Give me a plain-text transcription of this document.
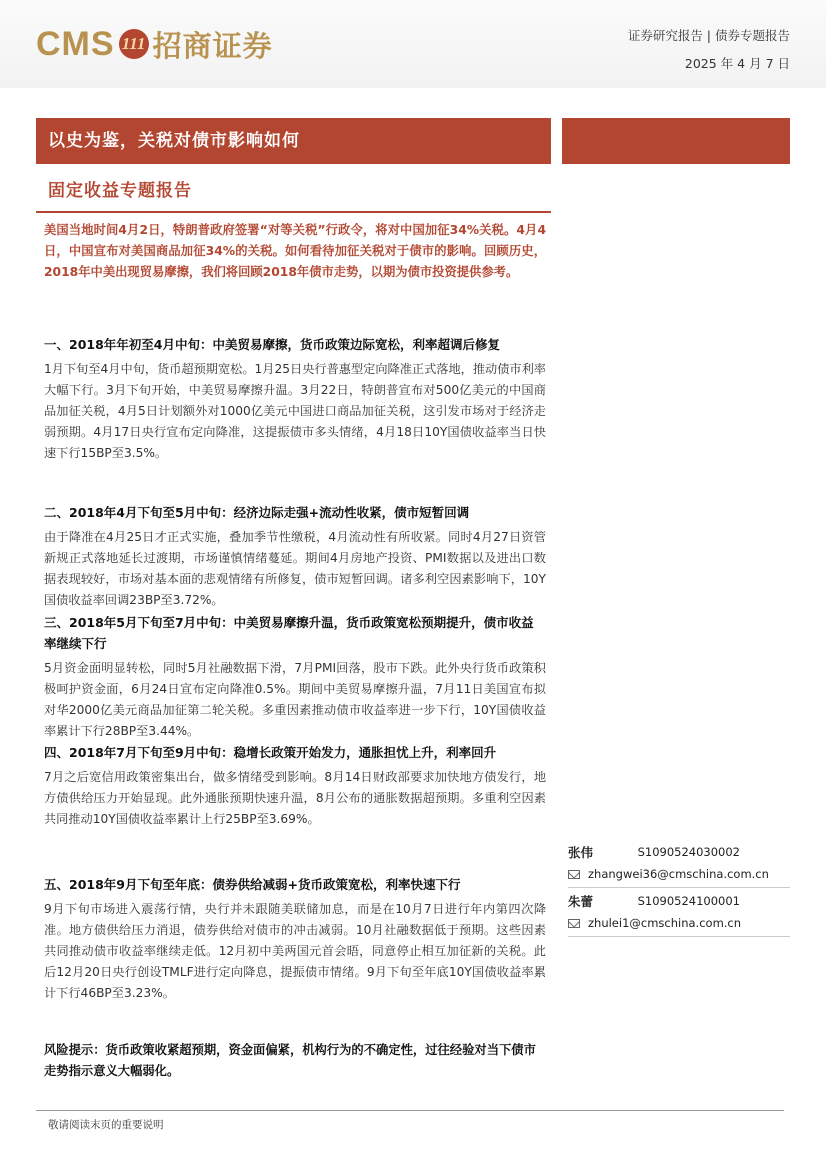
CMS 111 招商证券	证券研究报告 | 债券专题报告
2025 年 4 月 7 日
以史为鉴，关税对债市影响如何
固定收益专题报告
美国当地时间4月2日，特朗普政府签署“对等关税”行政令，将对中国加征34%关税。4月4日，中国宣布对美国商品加征34%的关税。如何看待加征关税对于债市的影响。回顾历史，2018年中美出现贸易摩擦，我们将回顾2018年债市走势，以期为债市投资提供参考。
一、2018年年初至4月中旬：中美贸易摩擦，货币政策边际宽松，利率超调后修复
1月下旬至4月中旬，货币超预期宽松。1月25日央行普惠型定向降准正式落地，推动债市利率大幅下行。3月下旬开始，中美贸易摩擦升温。3月22日，特朗普宣布对500亿美元的中国商品加征关税，4月5日计划额外对1000亿美元中国进口商品加征关税，这引发市场对于经济走弱预期。4月17日央行宣布定向降准，这提振债市多头情绪，4月18日10Y国债收益率当日快速下行15BP至3.5%。
二、2018年4月下旬至5月中旬：经济边际走强+流动性收紧，债市短暂回调
由于降准在4月25日才正式实施，叠加季节性缴税，4月流动性有所收紧。同时4月27日资管新规正式落地延长过渡期，市场谨慎情绪蔓延。期间4月房地产投资、PMI数据以及进出口数据表现较好，市场对基本面的悲观情绪有所修复，债市短暂回调。诸多利空因素影响下，10Y国债收益率回调23BP至3.72%。
三、2018年5月下旬至7月中旬：中美贸易摩擦升温，货币政策宽松预期提升，债市收益率继续下行
5月资金面明显转松，同时5月社融数据下滑，7月PMI回落，股市下跌。此外央行货币政策积极呵护资金面，6月24日宣布定向降准0.5%。期间中美贸易摩擦升温，7月11日美国宣布拟对华2000亿美元商品加征第二轮关税。多重因素推动债市收益率进一步下行，10Y国债收益率累计下行28BP至3.44%。
四、2018年7月下旬至9月中旬：稳增长政策开始发力，通胀担忧上升，利率回升
7月之后宽信用政策密集出台，做多情绪受到影响。8月14日财政部要求加快地方债发行，地方债供给压力开始显现。此外通胀预期快速升温，8月公布的通胀数据超预期。多重利空因素共同推动10Y国债收益率累计上行25BP至3.69%。
五、2018年9月下旬至年底：债券供给减弱+货币政策宽松，利率快速下行
9月下旬市场进入震荡行情，央行并未跟随美联储加息，而是在10月7日进行年内第四次降准。地方债供给压力消退，债券供给对债市的冲击减弱。10月社融数据低于预期。这些因素共同推动债市收益率继续走低。12月初中美两国元首会晤，同意停止相互加征新的关税。此后12月20日央行创设TMLF进行定向降息，提振债市情绪。9月下旬至年底10Y国债收益率累计下行46BP至3.23%。
风险提示：货币政策收紧超预期，资金面偏紧，机构行为的不确定性，过往经验对当下债市走势指示意义大幅弱化。
张伟	S1090524030002
zhangwei36@cmschina.com.cn
朱蕾	S1090524100001
zhulei1@cmschina.com.cn
敬请阅读末页的重要说明
